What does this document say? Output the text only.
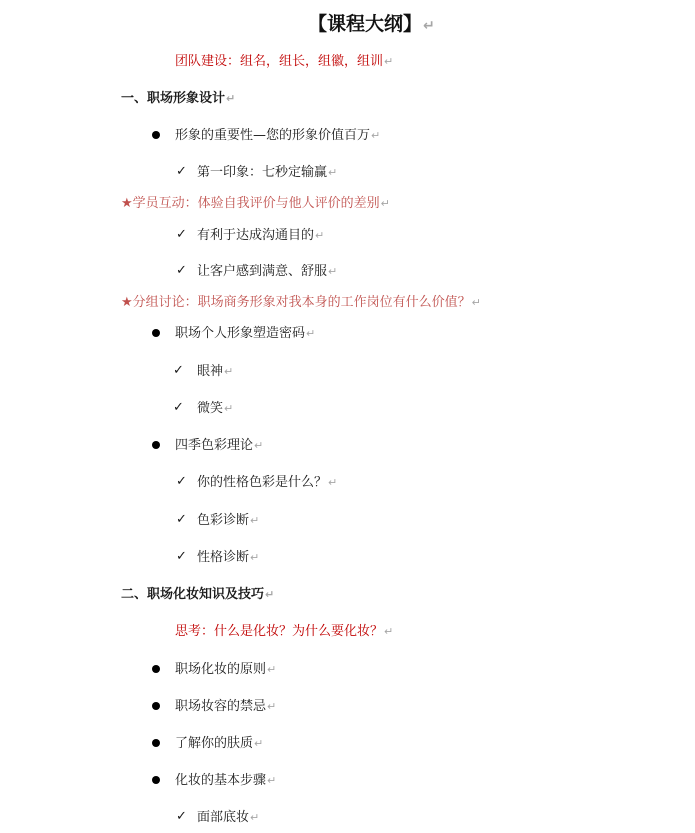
【课程大纲】↵
团队建设：组名，组长，组徽，组训↵
一、职场形象设计↵
形象的重要性—您的形象价值百万↵
✓ 第一印象：七秒定输赢↵
★学员互动：体验自我评价与他人评价的差别↵
✓ 有利于达成沟通目的↵
✓ 让客户感到满意、舒服↵
★分组讨论：职场商务形象对我本身的工作岗位有什么价值？↵
职场个人形象塑造密码↵
✓ 眼神↵
✓ 微笑↵
四季色彩理论↵
✓ 你的性格色彩是什么？↵
✓ 色彩诊断↵
✓ 性格诊断↵
二、职场化妆知识及技巧↵
思考：什么是化妆？为什么要化妆？↵
职场化妆的原则↵
职场妆容的禁忌↵
了解你的肤质↵
化妆的基本步骤↵
✓ 面部底妆↵
